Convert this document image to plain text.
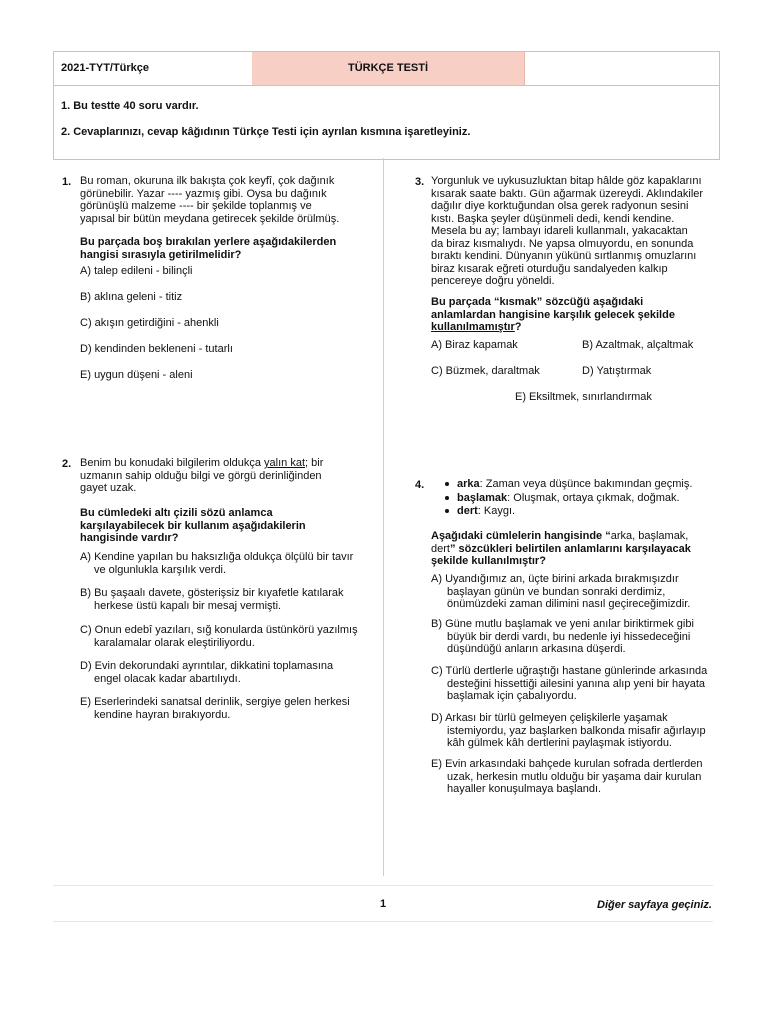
2021-TYT/Türkçe	TÜRKÇE TESTİ
1. Bu testte 40 soru vardır.
2. Cevaplarınızı, cevap kâğıdının Türkçe Testi için ayrılan kısmına işaretleyiniz.
1. Bu roman, okuruna ilk bakışta çok keyfî, çok dağınık

görünebilir. Yazar ---- yazmış gibi. Oysa bu dağınık

görünüşlü malzeme ---- bir şekilde toplanmış ve

yapısal bir bütün meydana getirecek şekilde örülmüş.

Bu parçada boş bırakılan yerlere aşağıdakilerden

hangisi sırasıyla getirilmelidir?

A) talep edileni - bilinçli
B) aklına geleni - titiz
C) akışın getirdiğini - ahenkli
D) kendinden bekleneni - tutarlı
E) uygun düşeni - aleni
2. Benim bu konudaki bilgilerim oldukça yalın kat; bir

uzmanın sahip olduğu bilgi ve görgü derinliğinden

gayet uzak.

Bu cümledeki altı çizili sözü anlamca

karşılayabilecek bir kullanım aşağıdakilerin

hangisinde vardır?

A) Kendine yapılan bu haksızlığa oldukça ölçülü bir tavır

ve olgunlukla karşılık verdi.

B) Bu şaşaalı davete, gösterişsiz bir kıyafetle katılarak

herkese üstü kapalı bir mesaj vermişti.

C) Onun edebî yazıları, sığ konularda üstünkörü yazılmış

karalamalar olarak eleştiriliyordu.

D) Evin dekorundaki ayrıntılar, dikkatini toplamasına

engel olacak kadar abartılıydı.

E) Eserlerindeki sanatsal derinlik, sergiye gelen herkesi

kendine hayran bırakıyordu.

3. Yorgunluk ve uykusuzluktan bitap hâlde göz kapaklarını

kısarak saate baktı. Gün ağarmak üzereydi. Aklındakiler

dağılır diye korktuğundan olsa gerek radyonun sesini

kıstı. Başka şeyler düşünmeli dedi, kendi kendine.

Mesela bu ay; lambayı idareli kullanmalı, yakacaktan

da biraz kısmalıydı. Ne yapsa olmuyordu, en sonunda

bıraktı kendini. Dünyanın yükünü sırtlanmış omuzlarını

biraz kısarak eğreti oturduğu sandalyeden kalkıp

pencereye doğru yöneldi.

Bu parçada “kısmak” sözcüğü aşağıdaki

anlamlardan hangisine karşılık gelecek şekilde

kullanılmamıştır?

A) Biraz kapamak	B) Azaltmak, alçaltmak
C) Büzmek, daraltmak	D) Yatıştırmak
E) Eksiltmek, sınırlandırmak
4.	arka: Zaman veya düşünce bakımından geçmiş.
başlamak: Oluşmak, ortaya çıkmak, doğmak.
dert: Kaygı.

Aşağıdaki cümlelerin hangisinde “arka, başlamak,

dert” sözcükleri belirtilen anlamlarını karşılayacak

şekilde kullanılmıştır?

A) Uyandığımız an, üçte birini arkada bırakmışızdır

başlayan günün ve bundan sonraki derdimiz,

önümüzdeki zaman dilimini nasıl geçireceğimizdir.

B) Güne mutlu başlamak ve yeni anılar biriktirmek gibi

büyük bir derdi vardı, bu nedenle iyi hissedeceğini

düşündüğü anların arkasına düşerdi.

C) Türlü dertlerle uğraştığı hastane günlerinde arkasında

desteğini hissettiği ailesini yanına alıp yeni bir hayata

başlamak için çabalıyordu.

D) Arkası bir türlü gelmeyen çelişkilerle yaşamak

istemiyordu, yaz başlarken balkonda misafir ağırlayıp

kâh gülmek kâh dertlerini paylaşmak istiyordu.

E) Evin arkasındaki bahçede kurulan sofrada dertlerden

uzak, herkesin mutlu olduğu bir yaşama dair kurulan

hayaller konuşulmaya başlandı.

1	Diğer sayfaya geçiniz.
